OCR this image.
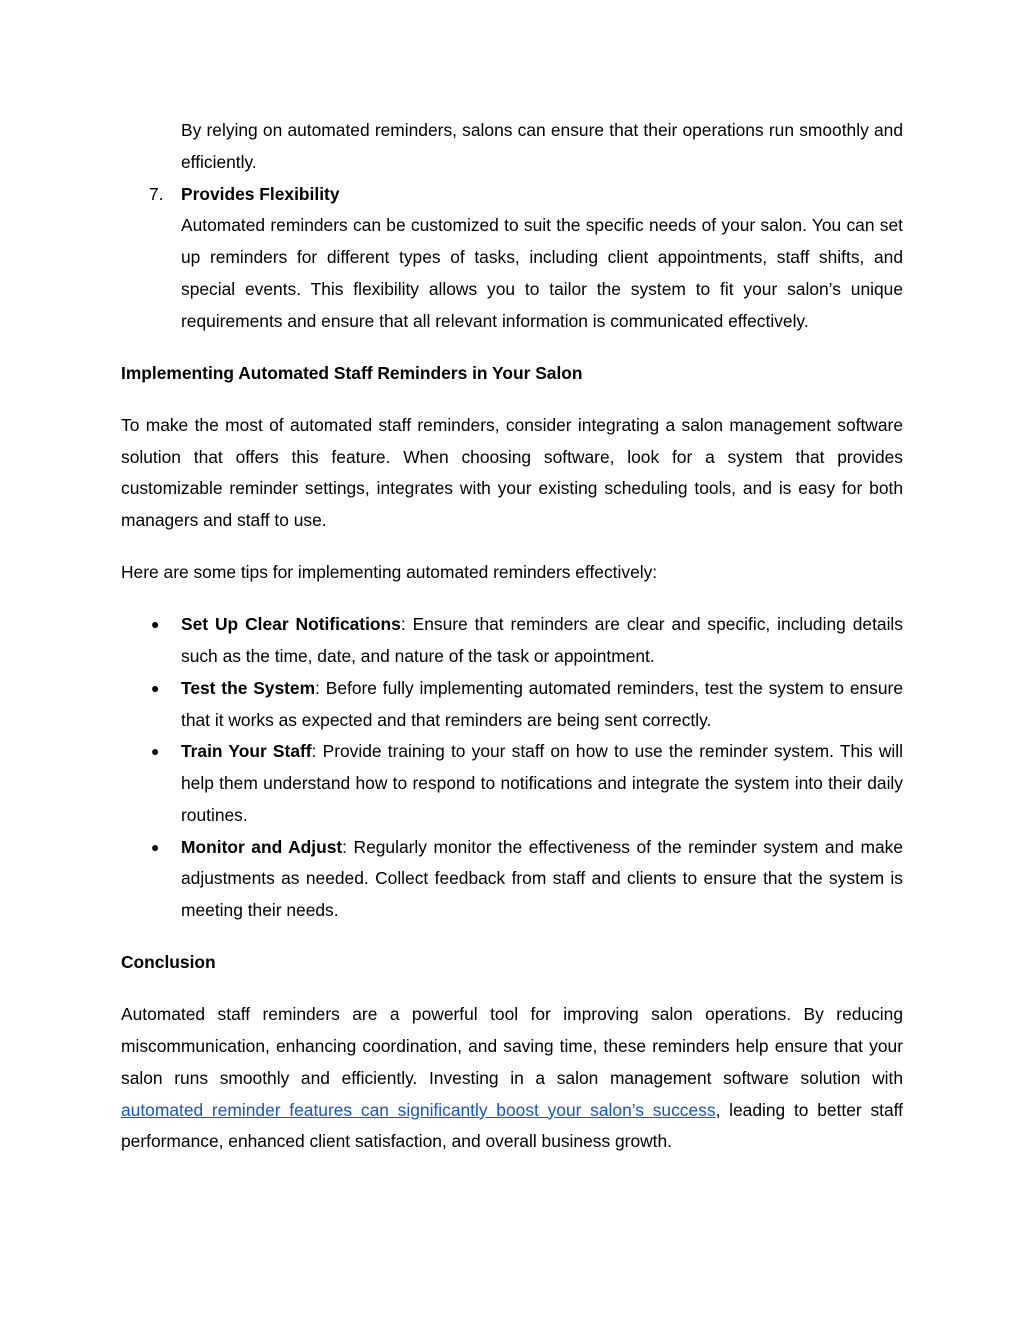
By relying on automated reminders, salons can ensure that their operations run smoothly and efficiently.

7. Provides Flexibility

Automated reminders can be customized to suit the specific needs of your salon. You can set up reminders for different types of tasks, including client appointments, staff shifts, and special events. This flexibility allows you to tailor the system to fit your salon’s unique requirements and ensure that all relevant information is communicated effectively.

Implementing Automated Staff Reminders in Your Salon

To make the most of automated staff reminders, consider integrating a salon management software solution that offers this feature. When choosing software, look for a system that provides customizable reminder settings, integrates with your existing scheduling tools, and is easy for both managers and staff to use.

Here are some tips for implementing automated reminders effectively:

● Set Up Clear Notifications: Ensure that reminders are clear and specific, including details such as the time, date, and nature of the task or appointment.
● Test the System: Before fully implementing automated reminders, test the system to ensure that it works as expected and that reminders are being sent correctly.
● Train Your Staff: Provide training to your staff on how to use the reminder system. This will help them understand how to respond to notifications and integrate the system into their daily routines.
● Monitor and Adjust: Regularly monitor the effectiveness of the reminder system and make adjustments as needed. Collect feedback from staff and clients to ensure that the system is meeting their needs.

Conclusion

Automated staff reminders are a powerful tool for improving salon operations. By reducing miscommunication, enhancing coordination, and saving time, these reminders help ensure that your salon runs smoothly and efficiently. Investing in a salon management software solution with automated reminder features can significantly boost your salon’s success, leading to better staff performance, enhanced client satisfaction, and overall business growth.
